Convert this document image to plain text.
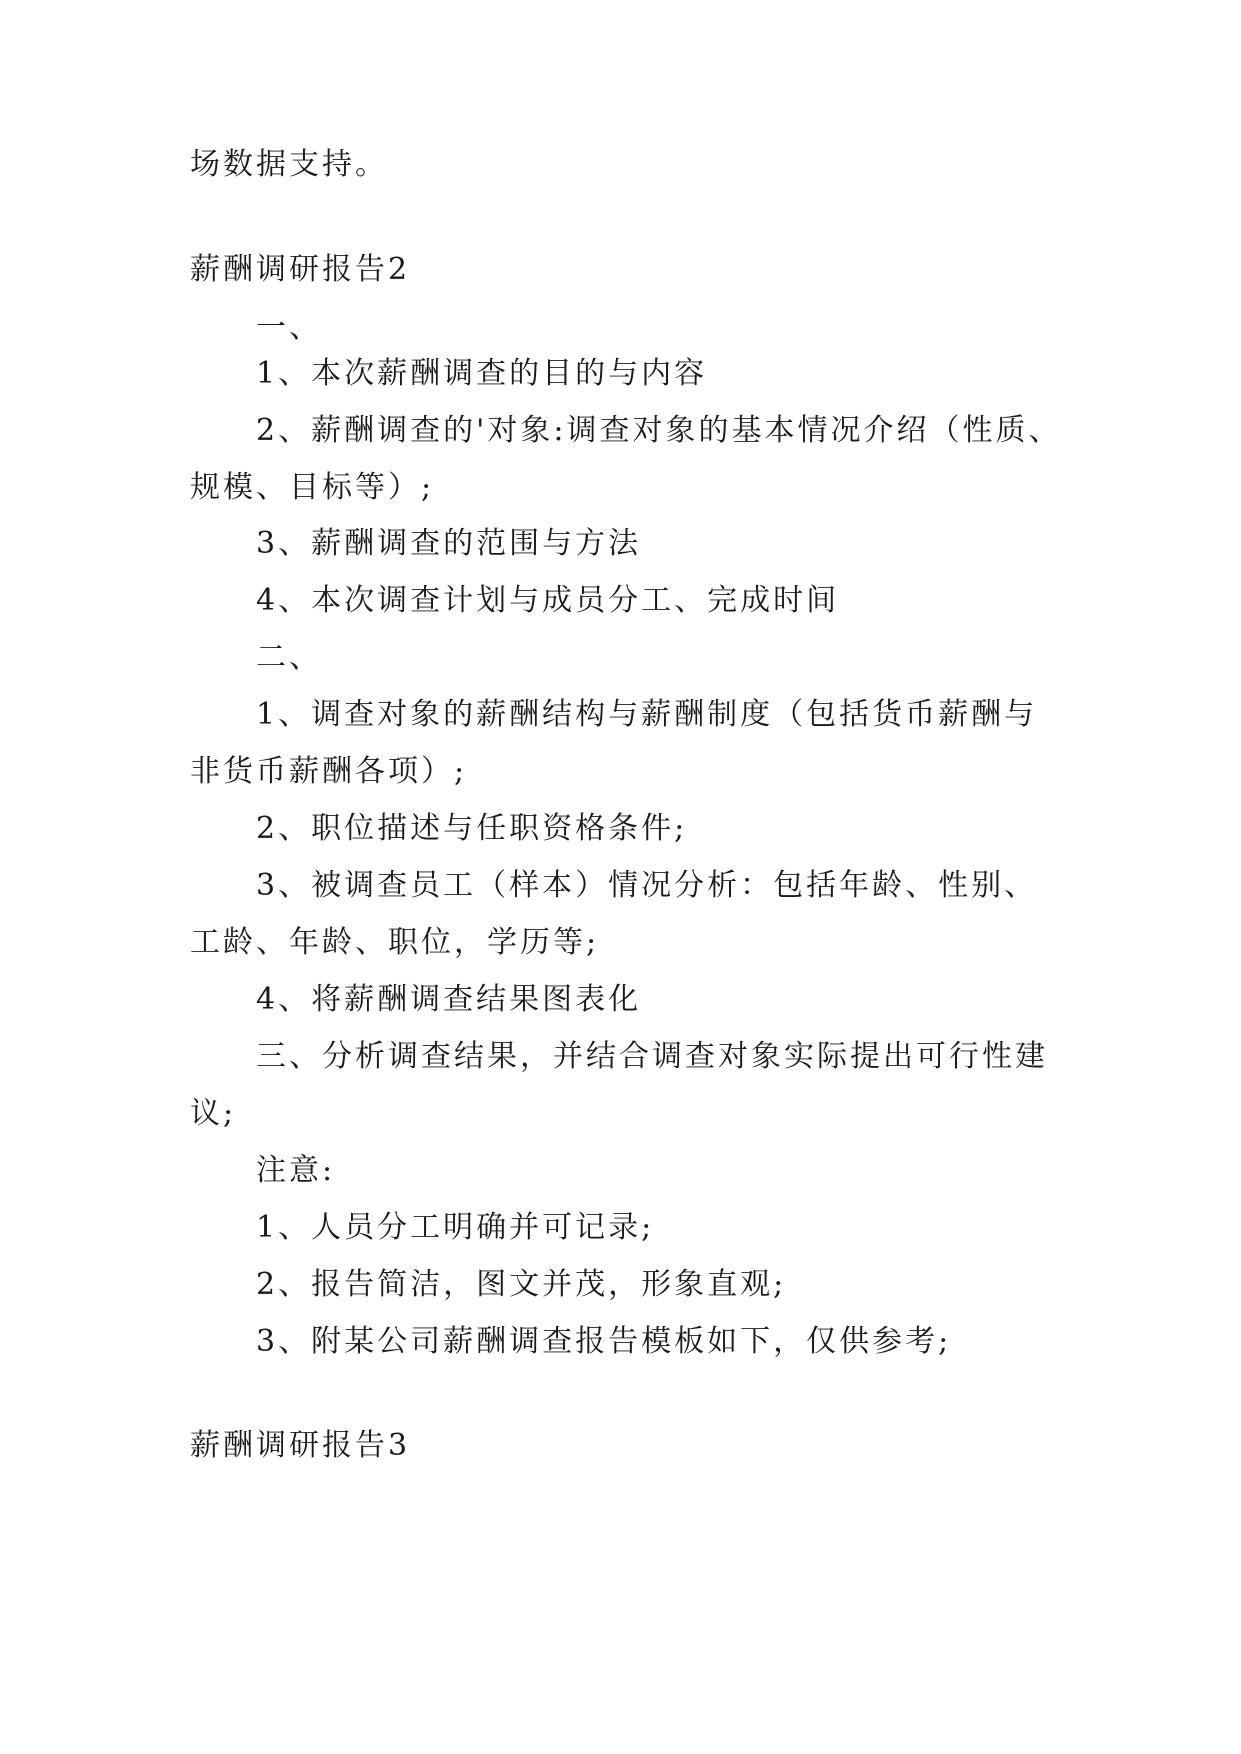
场数据支持。
薪酬调研报告2
一、
1、本次薪酬调查的目的与内容
2、薪酬调查的'对象:调查对象的基本情况介绍（性质、
规模、目标等）;
3、薪酬调查的范围与方法
4、本次调查计划与成员分工、完成时间
二、
1、调查对象的薪酬结构与薪酬制度（包括货币薪酬与
非货币薪酬各项）;
2、职位描述与任职资格条件;
3、被调查员工（样本）情况分析：包括年龄、性别、
工龄、年龄、职位，学历等;
4、将薪酬调查结果图表化
三、分析调查结果，并结合调查对象实际提出可行性建
议;
注意:
1、人员分工明确并可记录;
2、报告简洁，图文并茂，形象直观;
3、附某公司薪酬调查报告模板如下，仅供参考;
薪酬调研报告3
